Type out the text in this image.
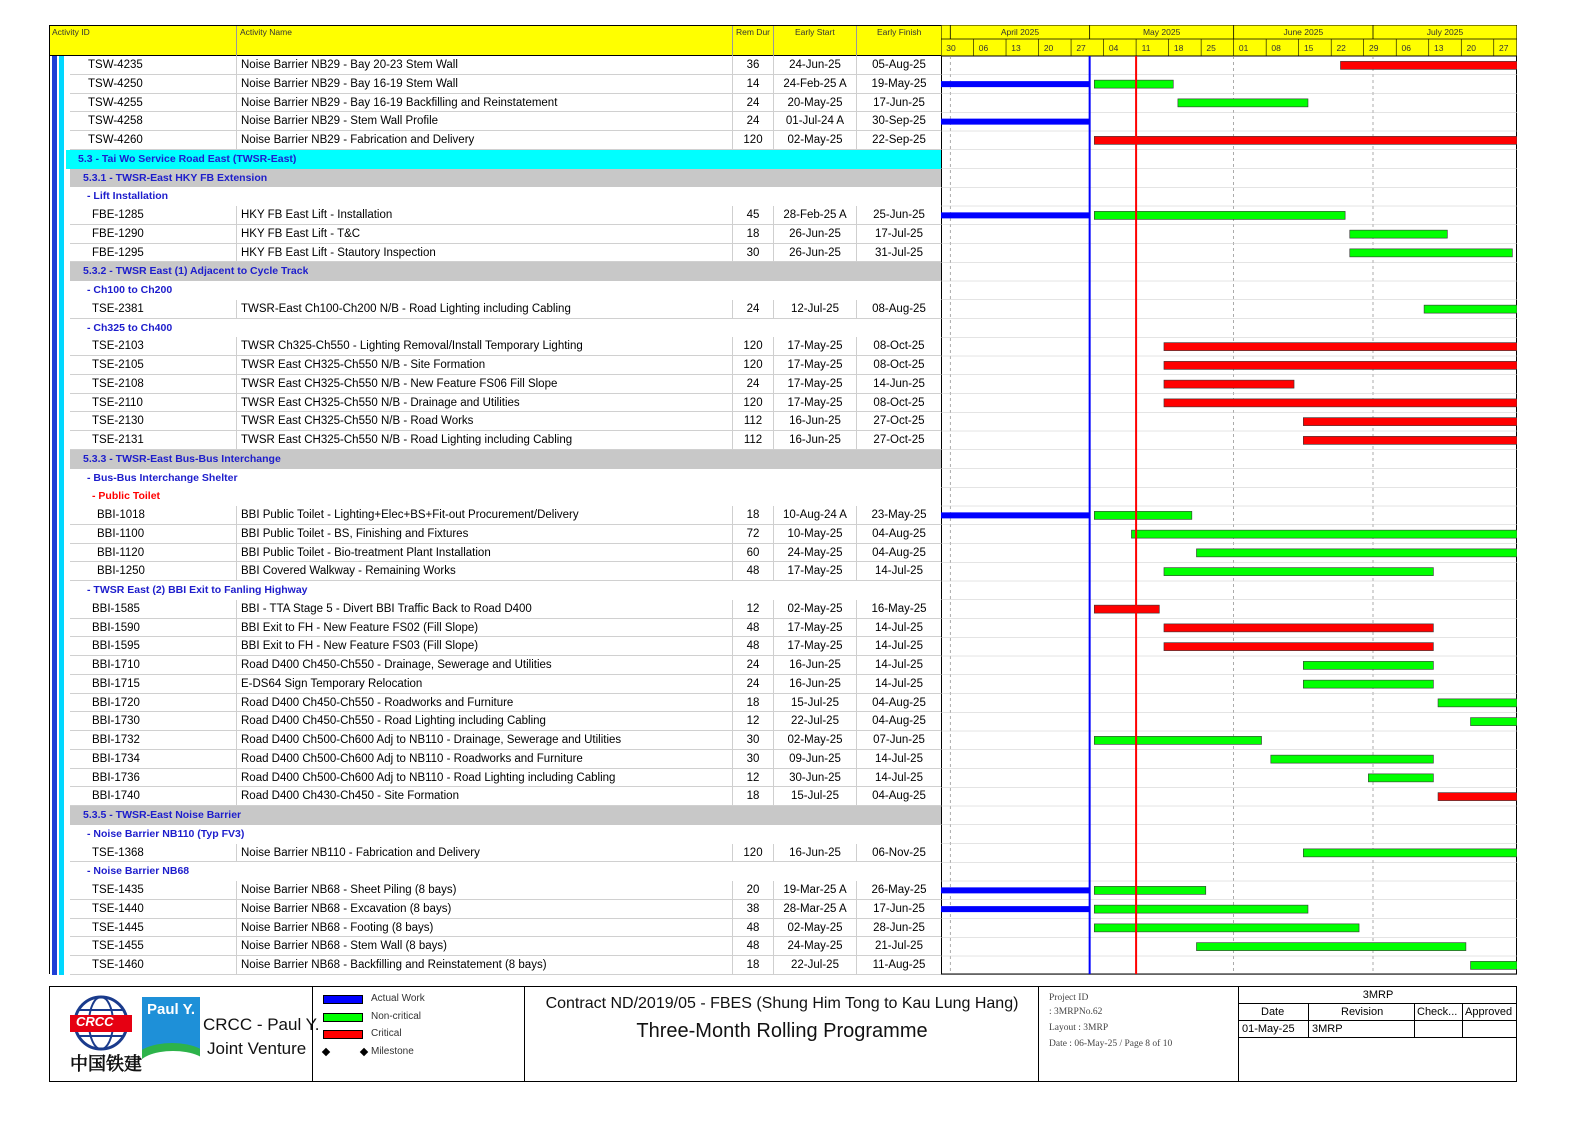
Activity ID	Activity Name	Rem Dur	Early Start	Early Finish
TSW-4235	Noise Barrier NB29 - Bay 20-23 Stem Wall	36	24-Jun-25	05-Aug-25
TSW-4250	Noise Barrier NB29 - Bay 16-19 Stem Wall	14	24-Feb-25 A	19-May-25
TSW-4255	Noise Barrier NB29 - Bay 16-19 Backfilling and Reinstatement	24	20-May-25	17-Jun-25
TSW-4258	Noise Barrier NB29 - Stem Wall Profile	24	01-Jul-24 A	30-Sep-25
TSW-4260	Noise Barrier NB29 - Fabrication and Delivery	120	02-May-25	22-Sep-25
5.3 - Tai Wo Service Road East (TWSR-East)
5.3.1 - TWSR-East HKY FB Extension
- Lift Installation
FBE-1285	HKY FB East Lift - Installation	45	28-Feb-25 A	25-Jun-25
FBE-1290	HKY FB East Lift - T&C	18	26-Jun-25	17-Jul-25
FBE-1295	HKY FB East Lift - Stautory Inspection	30	26-Jun-25	31-Jul-25
5.3.2 - TWSR East (1) Adjacent to Cycle Track
- Ch100 to Ch200
TSE-2381	TWSR-East Ch100-Ch200 N/B - Road Lighting including Cabling	24	12-Jul-25	08-Aug-25
- Ch325 to Ch400
TSE-2103	TWSR Ch325-Ch550 - Lighting Removal/Install Temporary Lighting	120	17-May-25	08-Oct-25
TSE-2105	TWSR East CH325-Ch550 N/B - Site Formation	120	17-May-25	08-Oct-25
TSE-2108	TWSR East CH325-Ch550 N/B - New Feature FS06 Fill Slope	24	17-May-25	14-Jun-25
TSE-2110	TWSR East CH325-Ch550 N/B - Drainage and Utilities	120	17-May-25	08-Oct-25
TSE-2130	TWSR East CH325-Ch550 N/B - Road Works	112	16-Jun-25	27-Oct-25
TSE-2131	TWSR East CH325-Ch550 N/B - Road Lighting including Cabling	112	16-Jun-25	27-Oct-25
5.3.3 - TWSR-East Bus-Bus Interchange
- Bus-Bus Interchange Shelter
- Public Toilet
BBI-1018	BBI Public Toilet - Lighting+Elec+BS+Fit-out Procurement/Delivery	18	10-Aug-24 A	23-May-25
BBI-1100	BBI Public Toilet - BS, Finishing and Fixtures	72	10-May-25	04-Aug-25
BBI-1120	BBI Public Toilet - Bio-treatment Plant Installation	60	24-May-25	04-Aug-25
BBI-1250	BBI Covered Walkway - Remaining Works	48	17-May-25	14-Jul-25
- TWSR East (2) BBI Exit to Fanling Highway
BBI-1585	BBI - TTA Stage 5 - Divert BBI Traffic Back to Road D400	12	02-May-25	16-May-25
BBI-1590	BBI Exit to FH - New Feature FS02 (Fill Slope)	48	17-May-25	14-Jul-25
BBI-1595	BBI Exit to FH - New Feature FS03 (Fill Slope)	48	17-May-25	14-Jul-25
BBI-1710	Road D400 Ch450-Ch550 - Drainage, Sewerage and Utilities	24	16-Jun-25	14-Jul-25
BBI-1715	E-DS64 Sign Temporary Relocation	24	16-Jun-25	14-Jul-25
BBI-1720	Road D400 Ch450-Ch550 - Roadworks and Furniture	18	15-Jul-25	04-Aug-25
BBI-1730	Road D400 Ch450-Ch550 - Road Lighting including Cabling	12	22-Jul-25	04-Aug-25
BBI-1732	Road D400 Ch500-Ch600 Adj to NB110 - Drainage, Sewerage and Utilities	30	02-May-25	07-Jun-25
BBI-1734	Road D400 Ch500-Ch600 Adj to NB110 - Roadworks and Furniture	30	09-Jun-25	14-Jul-25
BBI-1736	Road D400 Ch500-Ch600 Adj to NB110 - Road Lighting including Cabling	12	30-Jun-25	14-Jul-25
BBI-1740	Road D400 Ch430-Ch450 - Site Formation	18	15-Jul-25	04-Aug-25
5.3.5 - TWSR-East Noise Barrier
- Noise Barrier NB110 (Typ FV3)
TSE-1368	Noise Barrier NB110 - Fabrication and Delivery	120	16-Jun-25	06-Nov-25
- Noise Barrier NB68
TSE-1435	Noise Barrier NB68 - Sheet Piling (8 bays)	20	19-Mar-25 A	26-May-25
TSE-1440	Noise Barrier NB68 - Excavation (8 bays)	38	28-Mar-25 A	17-Jun-25
TSE-1445	Noise Barrier NB68 - Footing (8 bays)	48	02-May-25	28-Jun-25
TSE-1455	Noise Barrier NB68 - Stem Wall (8 bays)	48	24-May-25	21-Jul-25
TSE-1460	Noise Barrier NB68 - Backfilling and Reinstatement (8 bays)	18	22-Jul-25	11-Aug-25
April 2025	May 2025	June 2025	July 2025
30	06	13	20	27	04	11	18	25	01	08	15	22	29	06	13	20	27
CRCC
中国铁建
Paul Y.
CRCC - Paul Y.
Joint Venture
Actual Work
Non-critical
Critical
Milestone
Contract ND/2019/05 - FBES (Shung Him Tong to Kau Lung Hang)
Three-Month Rolling Programme
Project ID
: 3MRPNo.62
Layout : 3MRP
Date : 06-May-25 / Page 8 of 10
3MRP
Date	Revision	Check... Approved
01-May-25 3MRP
